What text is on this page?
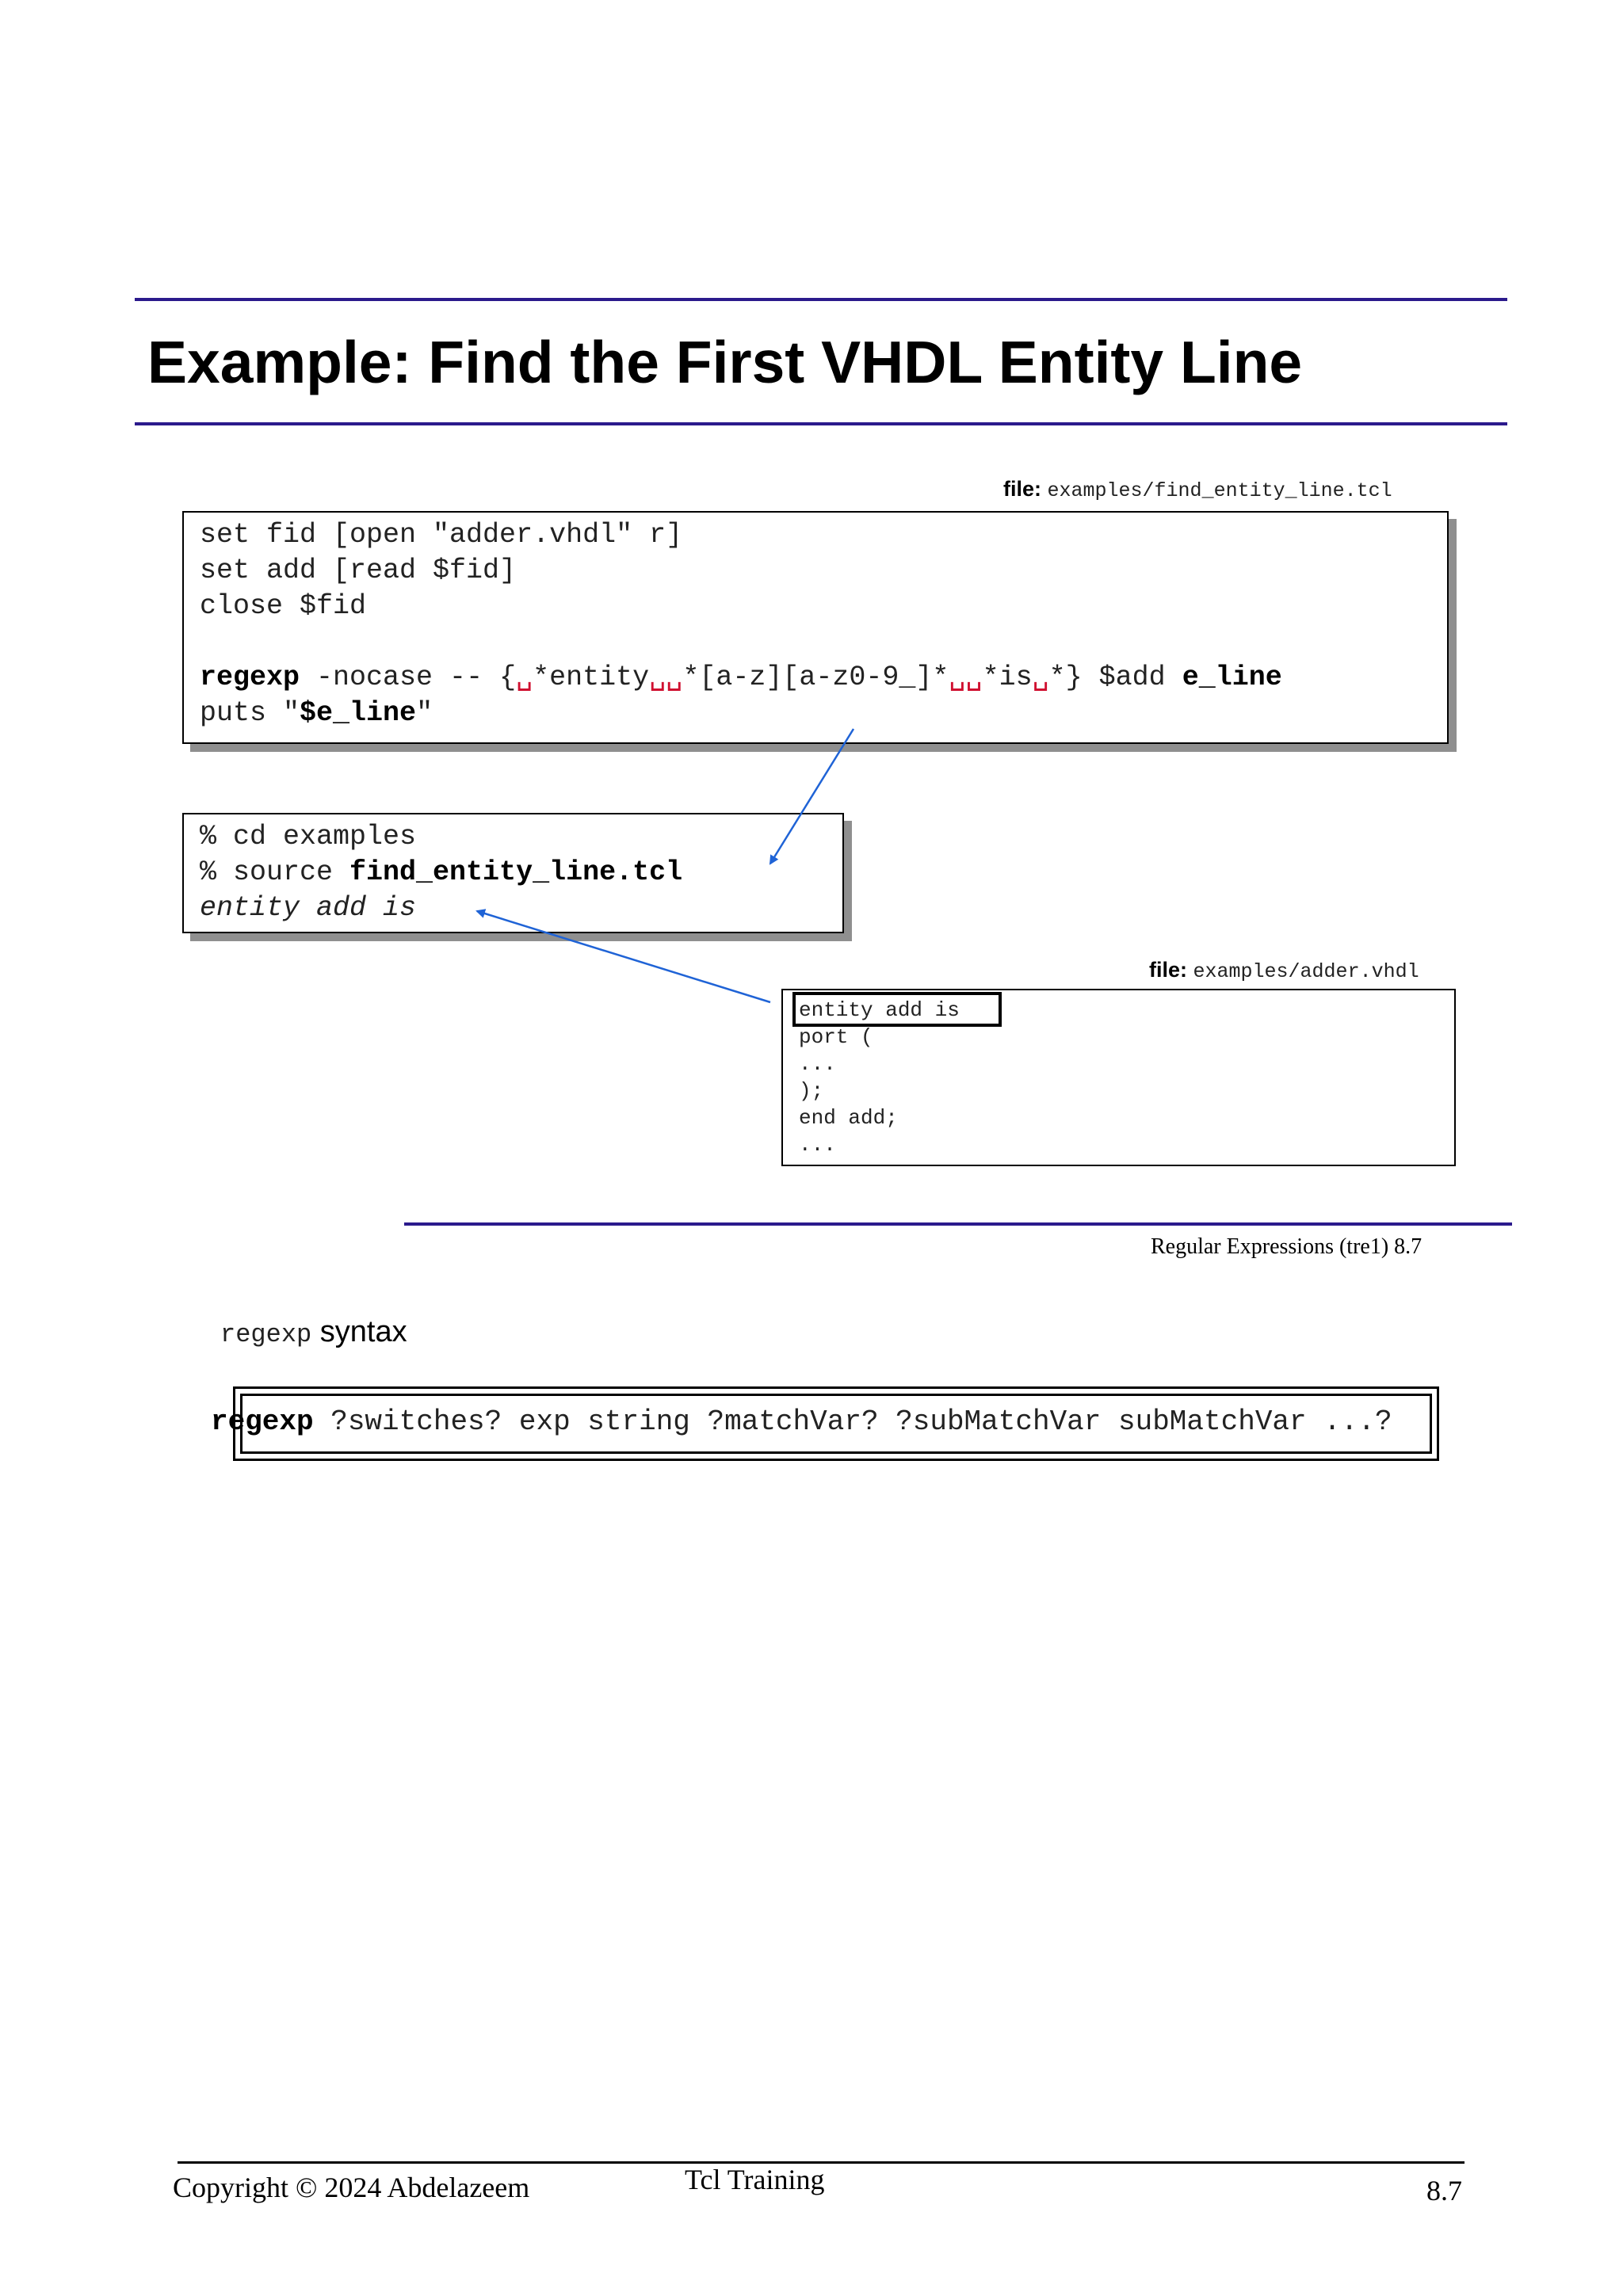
Example: Find the First VHDL Entity Line
file: examples/find_entity_line.tcl
set fid [open "adder.vhdl" r]
set add [read $fid]
close $fid

regexp -nocase -- {␣*entity␣␣*[a-z][a-z0-9_]*␣␣*is␣*} $add e_line
puts "$e_line"
% cd examples
% source find_entity_line.tcl
entity add is
file: examples/adder.vhdl
entity add is
port (
...
);
end add;
...
Regular Expressions (tre1) 8.7
regexp syntax
regexp ?switches? exp string ?matchVar? ?subMatchVar subMatchVar ...?
Copyright © 2024 Abdelazeem	Tcl Training	8.7
